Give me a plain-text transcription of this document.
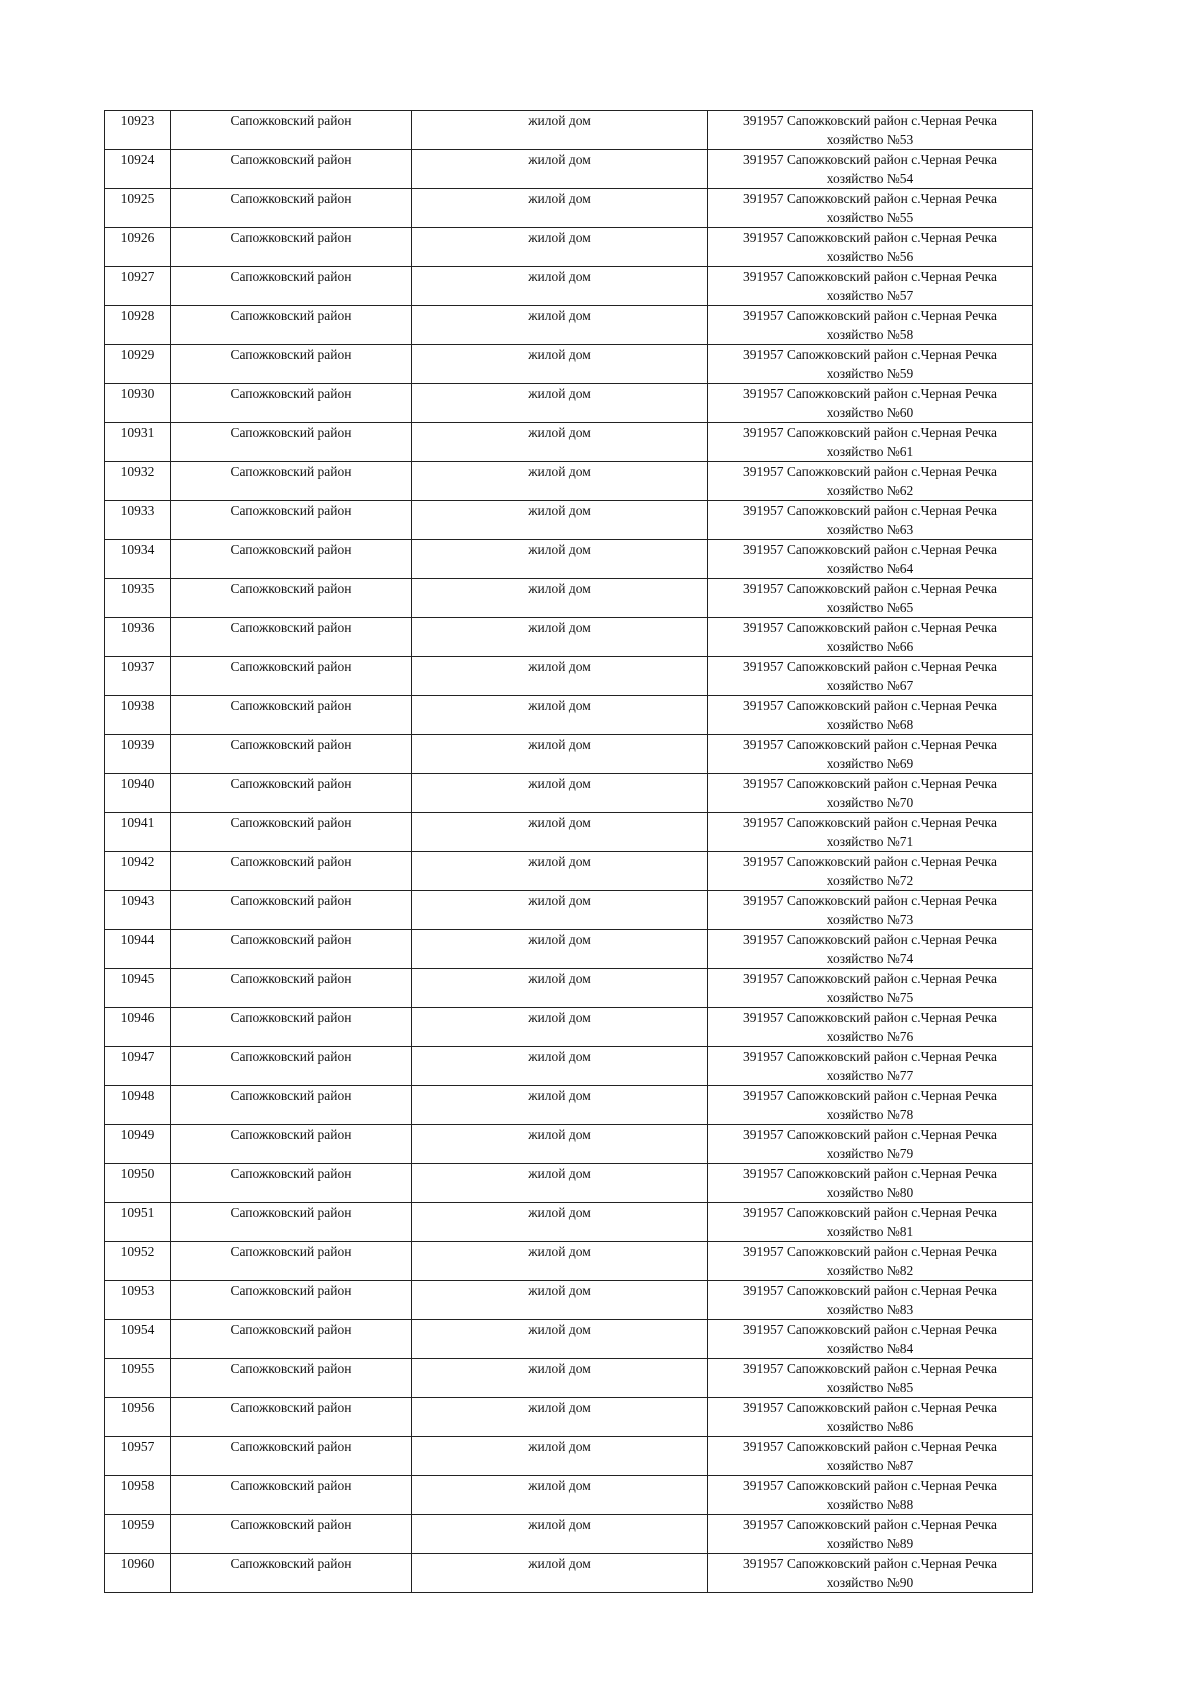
10923	Сапожковский район	жилой дом	391957 Сапожковский район с.Черная Речка
хозяйство №53

10924	Сапожковский район	жилой дом	391957 Сапожковский район с.Черная Речка
хозяйство №54

10925	Сапожковский район	жилой дом	391957 Сапожковский район с.Черная Речка
хозяйство №55

10926	Сапожковский район	жилой дом	391957 Сапожковский район с.Черная Речка
хозяйство №56

10927	Сапожковский район	жилой дом	391957 Сапожковский район с.Черная Речка
хозяйство №57

10928	Сапожковский район	жилой дом	391957 Сапожковский район с.Черная Речка
хозяйство №58

10929	Сапожковский район	жилой дом	391957 Сапожковский район с.Черная Речка
хозяйство №59

10930	Сапожковский район	жилой дом	391957 Сапожковский район с.Черная Речка
хозяйство №60

10931	Сапожковский район	жилой дом	391957 Сапожковский район с.Черная Речка
хозяйство №61

10932	Сапожковский район	жилой дом	391957 Сапожковский район с.Черная Речка
хозяйство №62

10933	Сапожковский район	жилой дом	391957 Сапожковский район с.Черная Речка
хозяйство №63

10934	Сапожковский район	жилой дом	391957 Сапожковский район с.Черная Речка
хозяйство №64

10935	Сапожковский район	жилой дом	391957 Сапожковский район с.Черная Речка
хозяйство №65

10936	Сапожковский район	жилой дом	391957 Сапожковский район с.Черная Речка
хозяйство №66

10937	Сапожковский район	жилой дом	391957 Сапожковский район с.Черная Речка
хозяйство №67

10938	Сапожковский район	жилой дом	391957 Сапожковский район с.Черная Речка
хозяйство №68

10939	Сапожковский район	жилой дом	391957 Сапожковский район с.Черная Речка
хозяйство №69

10940	Сапожковский район	жилой дом	391957 Сапожковский район с.Черная Речка
хозяйство №70

10941	Сапожковский район	жилой дом	391957 Сапожковский район с.Черная Речка
хозяйство №71

10942	Сапожковский район	жилой дом	391957 Сапожковский район с.Черная Речка
хозяйство №72

10943	Сапожковский район	жилой дом	391957 Сапожковский район с.Черная Речка
хозяйство №73

10944	Сапожковский район	жилой дом	391957 Сапожковский район с.Черная Речка
хозяйство №74

10945	Сапожковский район	жилой дом	391957 Сапожковский район с.Черная Речка
хозяйство №75

10946	Сапожковский район	жилой дом	391957 Сапожковский район с.Черная Речка
хозяйство №76

10947	Сапожковский район	жилой дом	391957 Сапожковский район с.Черная Речка
хозяйство №77

10948	Сапожковский район	жилой дом	391957 Сапожковский район с.Черная Речка
хозяйство №78

10949	Сапожковский район	жилой дом	391957 Сапожковский район с.Черная Речка
хозяйство №79

10950	Сапожковский район	жилой дом	391957 Сапожковский район с.Черная Речка
хозяйство №80

10951	Сапожковский район	жилой дом	391957 Сапожковский район с.Черная Речка
хозяйство №81

10952	Сапожковский район	жилой дом	391957 Сапожковский район с.Черная Речка
хозяйство №82

10953	Сапожковский район	жилой дом	391957 Сапожковский район с.Черная Речка
хозяйство №83

10954	Сапожковский район	жилой дом	391957 Сапожковский район с.Черная Речка
хозяйство №84

10955	Сапожковский район	жилой дом	391957 Сапожковский район с.Черная Речка
хозяйство №85

10956	Сапожковский район	жилой дом	391957 Сапожковский район с.Черная Речка
хозяйство №86

10957	Сапожковский район	жилой дом	391957 Сапожковский район с.Черная Речка
хозяйство №87

10958	Сапожковский район	жилой дом	391957 Сапожковский район с.Черная Речка
хозяйство №88

10959	Сапожковский район	жилой дом	391957 Сапожковский район с.Черная Речка
хозяйство №89

10960	Сапожковский район	жилой дом	391957 Сапожковский район с.Черная Речка
хозяйство №90
